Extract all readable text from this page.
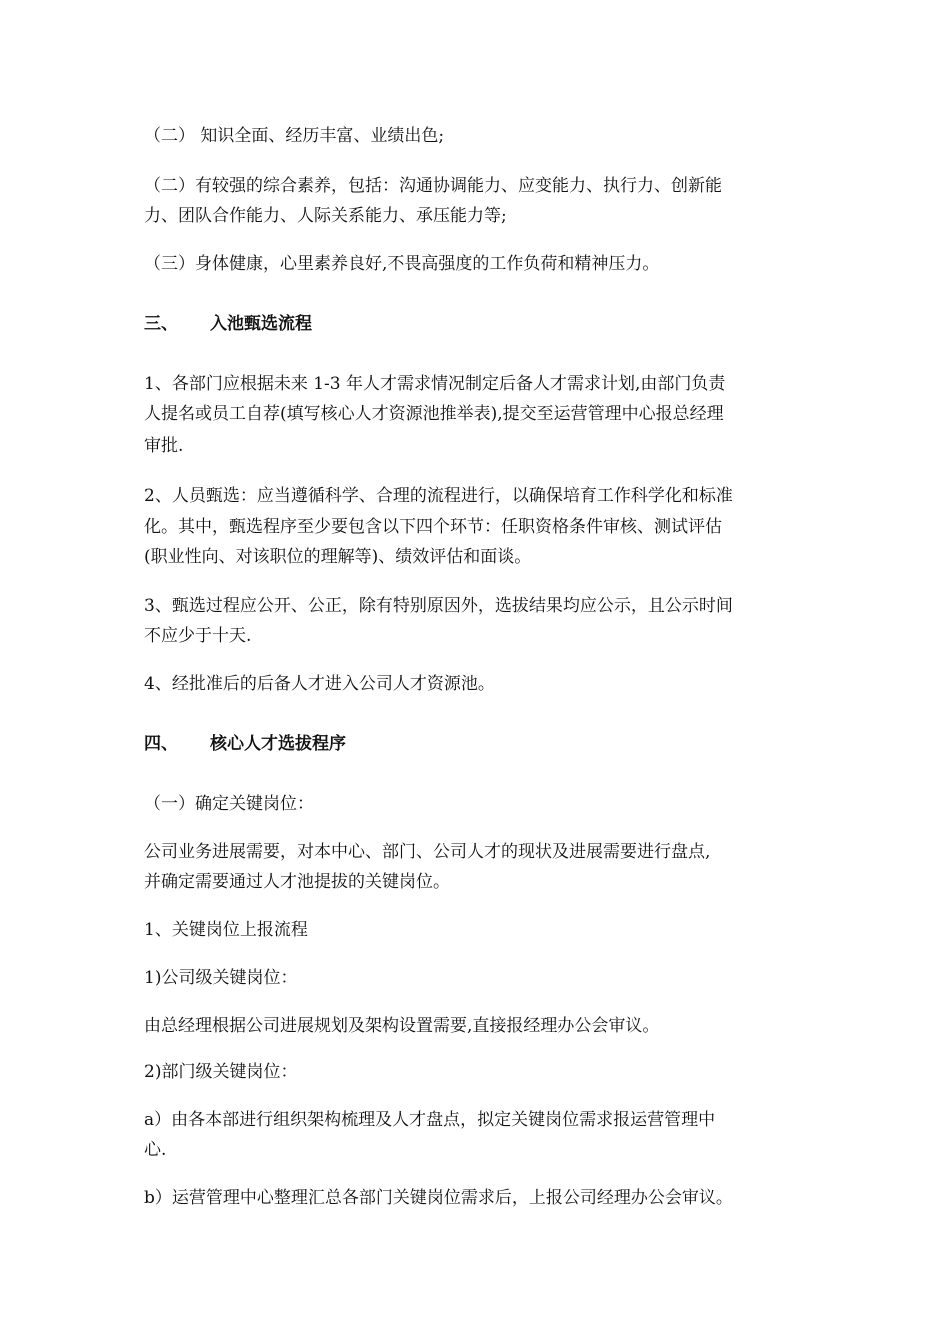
（二） 知识全面、经历丰富、业绩出色;
（二）有较强的综合素养，包括：沟通协调能力、应变能力、执行力、创新能
力、团队合作能力、人际关系能力、承压能力等;
（三）身体健康，心里素养良好,不畏高强度的工作负荷和精神压力。
三、 入池甄选流程
1、各部门应根据未来 1-3 年人才需求情况制定后备人才需求计划,由部门负责
人提名或员工自荐(填写核心人才资源池推举表),提交至运营管理中心报总经理
审批.
2、人员甄选：应当遵循科学、合理的流程进行，以确保培育工作科学化和标准
化。其中，甄选程序至少要包含以下四个环节：任职资格条件审核、测试评估
(职业性向、对该职位的理解等)、绩效评估和面谈。
3、甄选过程应公开、公正，除有特别原因外，选拔结果均应公示，且公示时间
不应少于十天.
4、经批准后的后备人才进入公司人才资源池。
四、 核心人才选拔程序
（一）确定关键岗位：
公司业务进展需要，对本中心、部门、公司人才的现状及进展需要进行盘点,
并确定需要通过人才池提拔的关键岗位。
1、关键岗位上报流程
1)公司级关键岗位：
由总经理根据公司进展规划及架构设置需要,直接报经理办公会审议。
2)部门级关键岗位：
a）由各本部进行组织架构梳理及人才盘点，拟定关键岗位需求报运营管理中
心.
b）运营管理中心整理汇总各部门关键岗位需求后，上报公司经理办公会审议。
